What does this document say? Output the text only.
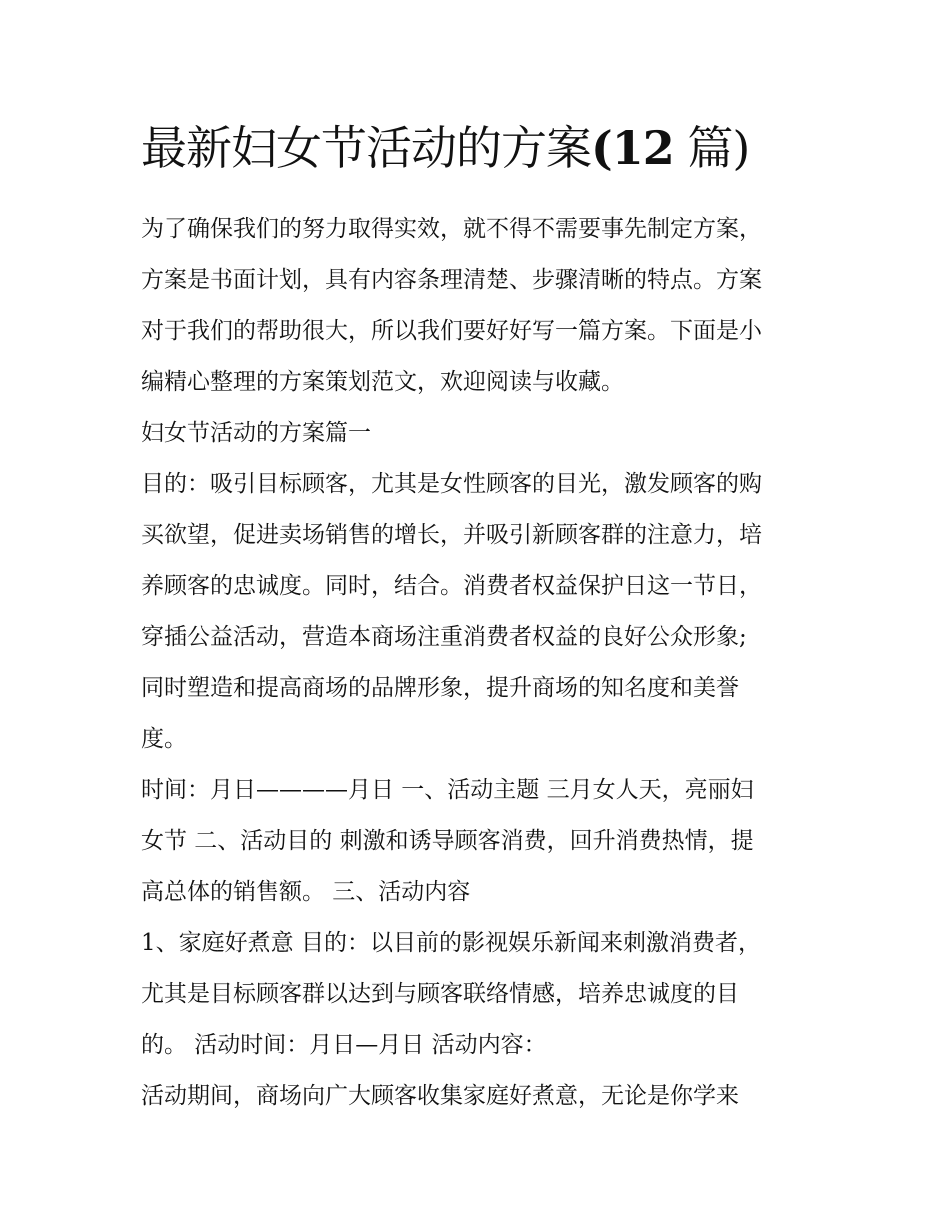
最新妇女节活动的方案(12 篇)

为了确保我们的努力取得实效，就不得不需要事先制定方案，
方案是书面计划，具有内容条理清楚、步骤清晰的特点。方案
对于我们的帮助很大，所以我们要好好写一篇方案。下面是小
编精心整理的方案策划范文，欢迎阅读与收藏。

妇女节活动的方案篇一

目的：吸引目标顾客，尤其是女性顾客的目光，激发顾客的购
买欲望，促进卖场销售的增长，并吸引新顾客群的注意力，培
养顾客的忠诚度。同时，结合。消费者权益保护日这一节日，
穿插公益活动，营造本商场注重消费者权益的良好公众形象;
同时塑造和提高商场的品牌形象，提升商场的知名度和美誉
度。

时间：月日————月日 一、活动主题 三月女人天，亮丽妇
女节 二、活动目的 刺激和诱导顾客消费，回升消费热情，提
高总体的销售额。 三、活动内容

1、家庭好煮意 目的：以目前的影视娱乐新闻来刺激消费者，
尤其是目标顾客群以达到与顾客联络情感，培养忠诚度的目
的。 活动时间：月日—月日 活动内容：

活动期间，商场向广大顾客收集家庭好煮意，无论是你学来
